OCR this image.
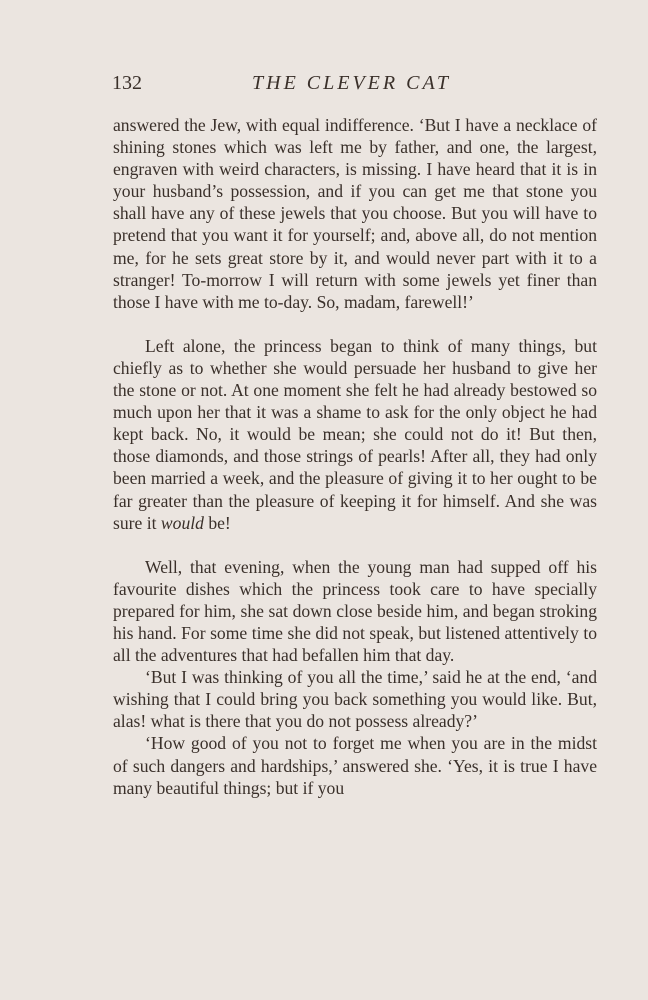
132	THE CLEVER CAT

answered the Jew, with equal indifference. ‘But I have a necklace of shining stones which was left me by father, and one, the largest, engraven with weird characters, is missing. I have heard that it is in your husband’s possession, and if you can get me that stone you shall have any of these jewels that you choose. But you will have to pretend that you want it for yourself; and, above all, do not mention me, for he sets great store by it, and would never part with it to a stranger! To-morrow I will return with some jewels yet finer than those I have with me to-day. So, madam, farewell!’

Left alone, the princess began to think of many things, but chiefly as to whether she would persuade her husband to give her the stone or not. At one moment she felt he had already bestowed so much upon her that it was a shame to ask for the only object he had kept back. No, it would be mean; she could not do it! But then, those diamonds, and those strings of pearls! After all, they had only been married a week, and the pleasure of giving it to her ought to be far greater than the pleasure of keeping it for himself. And she was sure it would be!

Well, that evening, when the young man had supped off his favourite dishes which the princess took care to have specially prepared for him, she sat down close beside him, and began stroking his hand. For some time she did not speak, but listened attentively to all the adventures that had befallen him that day.

‘But I was thinking of you all the time,’ said he at the end, ‘and wishing that I could bring you back something you would like. But, alas! what is there that you do not possess already?’

‘How good of you not to forget me when you are in the midst of such dangers and hardships,’ answered she. ‘Yes, it is true I have many beautiful things; but if you
